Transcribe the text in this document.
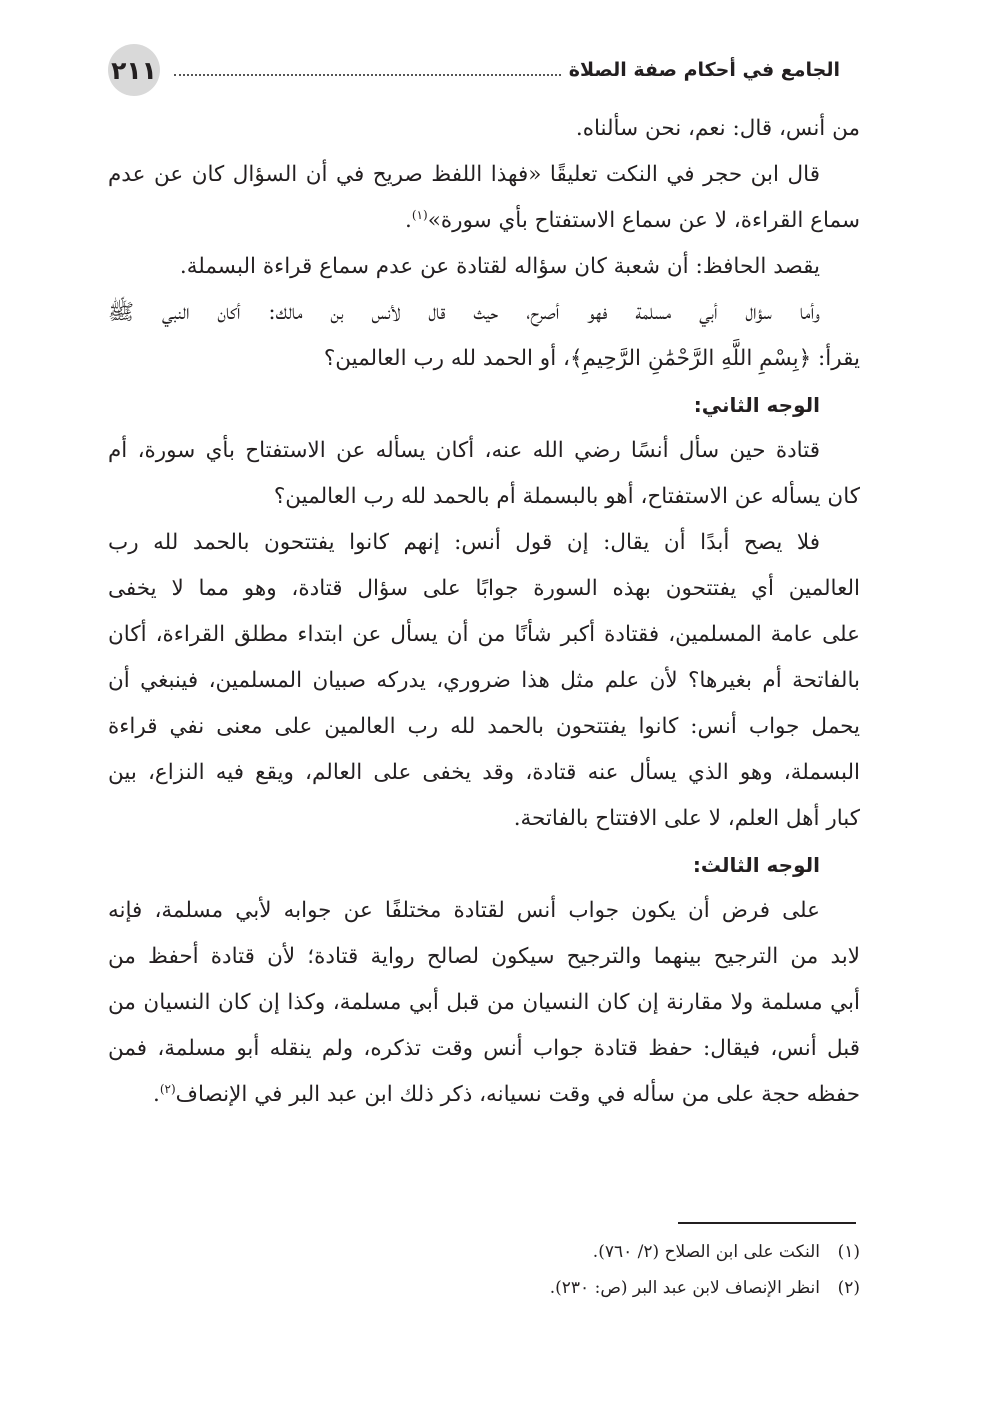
٢١١	الجامع في أحكام صفة الصلاة
من أنس، قال: نعم، نحن سألناه.
قال ابن حجر في النكت تعليقًا «فهذا اللفظ صريح في أن السؤال كان عن عدم
سماع القراءة، لا عن سماع الاستفتاح بأي سورة»$^{(١)}$.
يقصد الحافظ: أن شعبة كان سؤاله لقتادة عن عدم سماع قراءة البسملة.
وأما سؤال أبي مسلمة فهو أصرح، حيث قال لأنس بن مالك: أكان النبي ﷺ
يقرأ: ﴿بِسْمِ اللَّهِ الرَّحْمَٰنِ الرَّحِيمِ﴾، أو الحمد لله رب العالمين؟
الوجه الثاني:
قتادة حين سأل أنسًا رضي الله عنه، أكان يسأله عن الاستفتاح بأي سورة، أم
كان يسأله عن الاستفتاح، أهو بالبسملة أم بالحمد لله رب العالمين؟
فلا يصح أبدًا أن يقال: إن قول أنس: إنهم كانوا يفتتحون بالحمد لله رب
العالمين أي يفتتحون بهذه السورة جوابًا على سؤال قتادة، وهو مما لا يخفى
على عامة المسلمين، فقتادة أكبر شأنًا من أن يسأل عن ابتداء مطلق القراءة، أكان
بالفاتحة أم بغيرها؟ لأن علم مثل هذا ضروري، يدركه صبيان المسلمين، فينبغي أن
يحمل جواب أنس: كانوا يفتتحون بالحمد لله رب العالمين على معنى نفي قراءة
البسملة، وهو الذي يسأل عنه قتادة، وقد يخفى على العالم، ويقع فيه النزاع، بين
كبار أهل العلم، لا على الافتتاح بالفاتحة.
الوجه الثالث:
على فرض أن يكون جواب أنس لقتادة مختلفًا عن جوابه لأبي مسلمة، فإنه
لابد من الترجيح بينهما والترجيح سيكون لصالح رواية قتادة؛ لأن قتادة أحفظ من
أبي مسلمة ولا مقارنة إن كان النسيان من قبل أبي مسلمة، وكذا إن كان النسيان من
قبل أنس، فيقال: حفظ قتادة جواب أنس وقت تذكره، ولم ينقله أبو مسلمة، فمن
حفظه حجة على من سأله في وقت نسيانه، ذكر ذلك ابن عبد البر في الإنصاف$^{(٢)}$.
(١)النكت على ابن الصلاح (٢/ ٧٦٠).
(٢)انظر الإنصاف لابن عبد البر (ص: ٢٣٠).
